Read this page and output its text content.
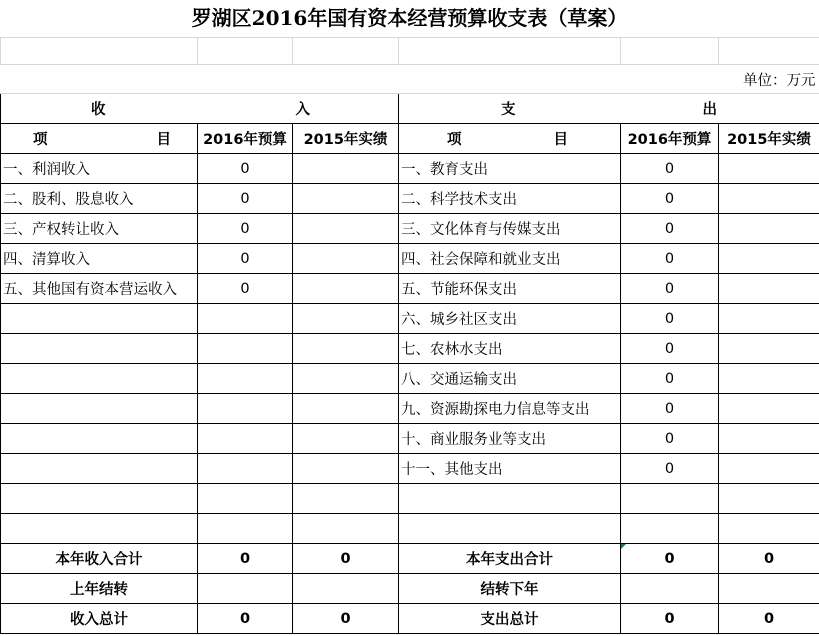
罗湖区2016年国有资本经营预算收支表（草案）

单位：万元					

收 入			支 出		

项 目	2016年预算	2015年实绩	项 目	2016年预算	2015年实绩
一、利润收入	0		一、教育支出	0	
二、股利、股息收入	0		二、科学技术支出	0	
三、产权转让收入	0		三、文化体育与传媒支出	0	
四、清算收入	0		四、社会保障和就业支出	0	
五、其他国有资本营运收入	0		五、节能环保支出	0	
			六、城乡社区支出	0	
			七、农林水支出	0	
			八、交通运输支出	0	
			九、资源勘探电力信息等支出	0	
			十、商业服务业等支出	0	
			十一、其他支出	0	

本年收入合计	0	0	本年支出合计	0	0
上年结转			结转下年		
收入总计	0	0	支出总计	0	0
